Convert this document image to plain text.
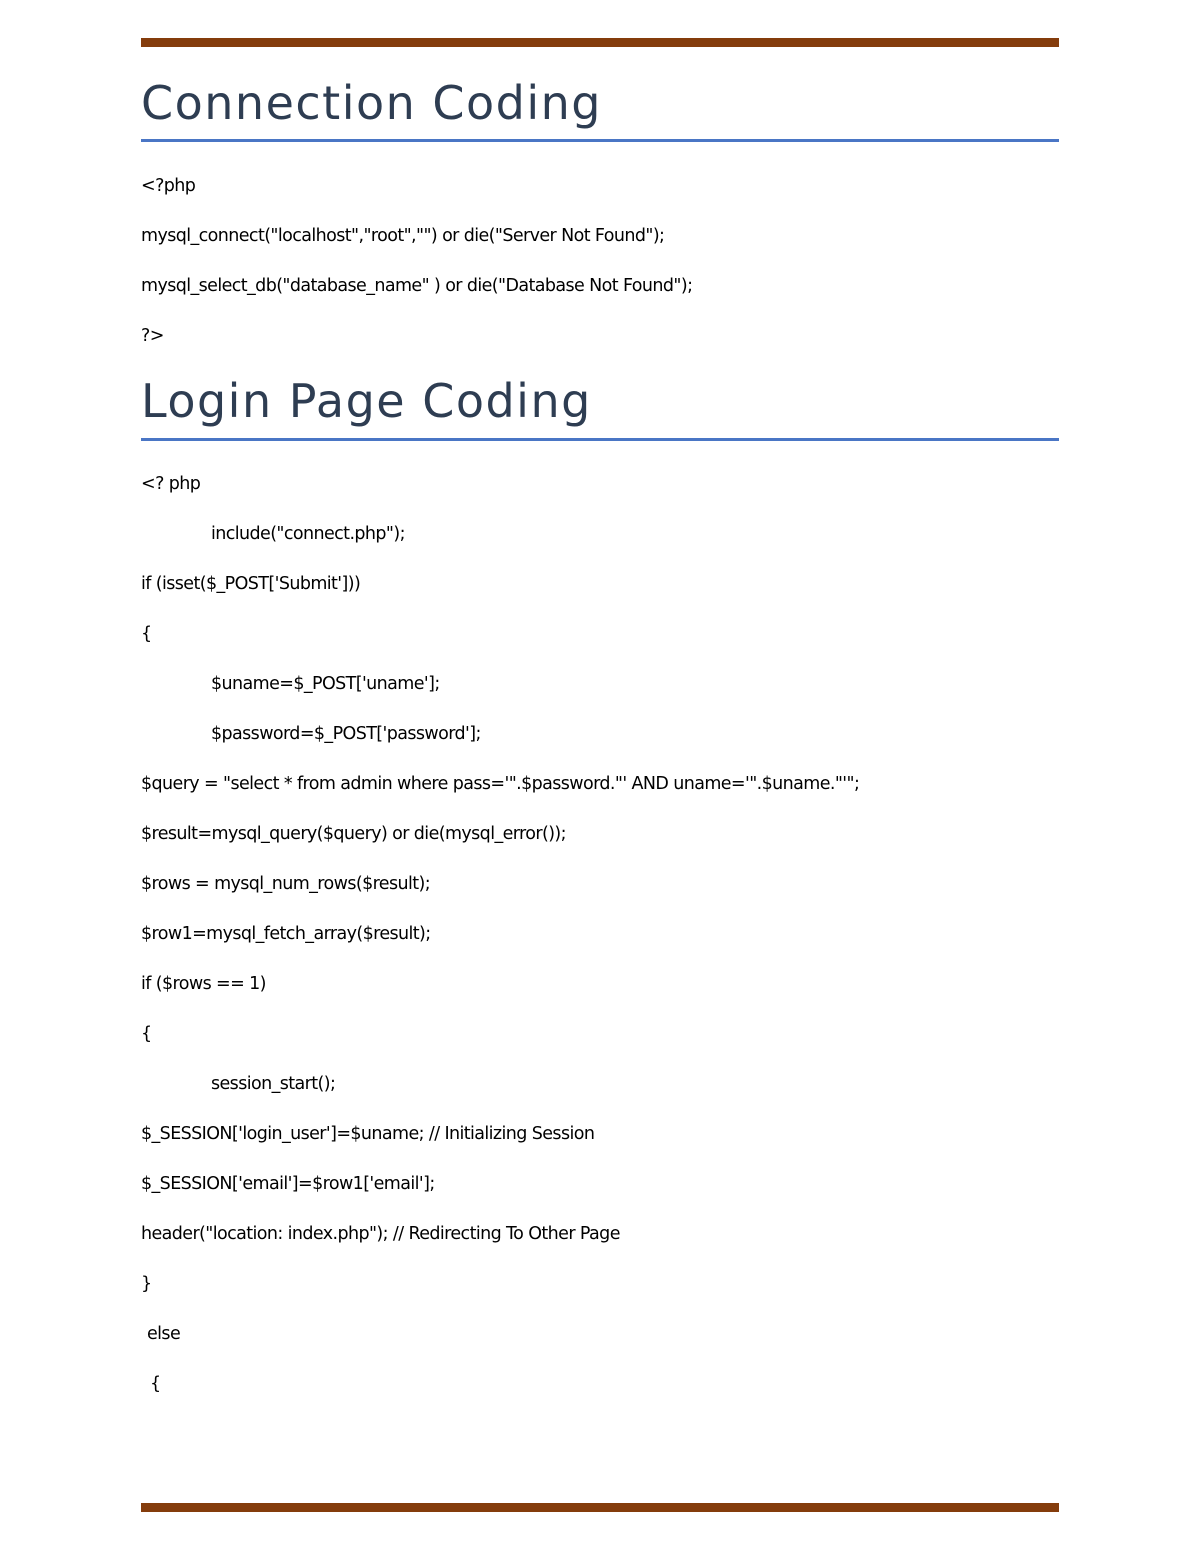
Connection Coding
<?php
mysql_connect("localhost","root","") or die("Server Not Found");
mysql_select_db("database_name" ) or die("Database Not Found");
?>
Login Page Coding
<? php
include("connect.php");
if (isset($_POST['Submit']))
{
$uname=$_POST['uname'];
$password=$_POST['password'];
$query = "select * from admin where pass='".$password."' AND uname='".$uname."'";
$result=mysql_query($query) or die(mysql_error());
$rows = mysql_num_rows($result);
$row1=mysql_fetch_array($result);
if ($rows == 1)
{
session_start();
$_SESSION['login_user']=$uname; // Initializing Session
$_SESSION['email']=$row1['email'];
header("location: index.php"); // Redirecting To Other Page
}
else
{
